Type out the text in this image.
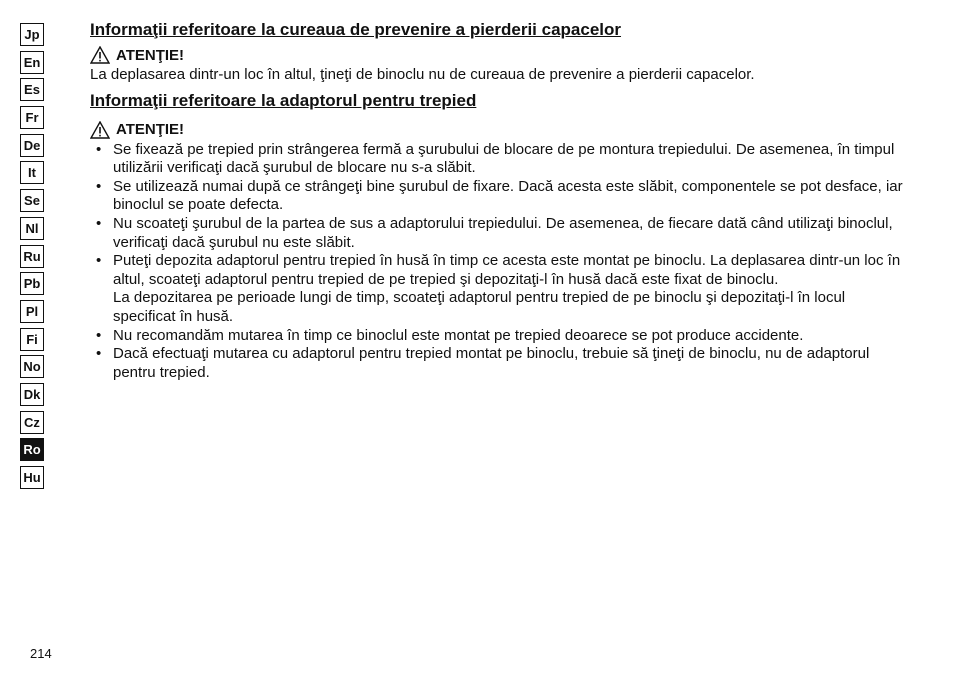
Jp
En
Es
Fr
De
It
Se
Nl
Ru
Pb
Pl
Fi
No
Dk
Cz
Ro
Hu
Informaţii referitoare la cureaua de prevenire a pierderii capacelor
ATENŢIE!

La deplasarea dintr-un loc în altul, ţineţi de binoclu nu de cureaua de prevenire a pierderii capacelor.

Informaţii referitoare la adaptorul pentru trepied
ATENŢIE!
• Se fixează pe trepied prin strângerea fermă a şurubului de blocare de pe montura trepiedului. De asemenea, în timpul utilizării verificaţi dacă şurubul de blocare nu s-a slăbit.
• Se utilizează numai după ce strângeţi bine şurubul de fixare. Dacă acesta este slăbit, componentele se pot desface, iar binoclul se poate defecta.
• Nu scoateţi şurubul de la partea de sus a adaptorului trepiedului. De asemenea, de fiecare dată când utilizaţi binoclul, verificaţi dacă şurubul nu este slăbit.
• Puteţi depozita adaptorul pentru trepied în husă în timp ce acesta este montat pe binoclu. La deplasarea dintr-un loc în altul, scoateţi adaptorul pentru trepied de pe trepied şi depozitaţi-l în husă dacă este fixat de binoclu.
La depozitarea pe perioade lungi de timp, scoateţi adaptorul pentru trepied de pe binoclu şi depozitaţi-l în locul specificat în husă.
• Nu recomandăm mutarea în timp ce binoclul este montat pe trepied deoarece se pot produce accidente.
• Dacă efectuaţi mutarea cu adaptorul pentru trepied montat pe binoclu, trebuie să ţineţi de binoclu, nu de adaptorul pentru trepied.
214
